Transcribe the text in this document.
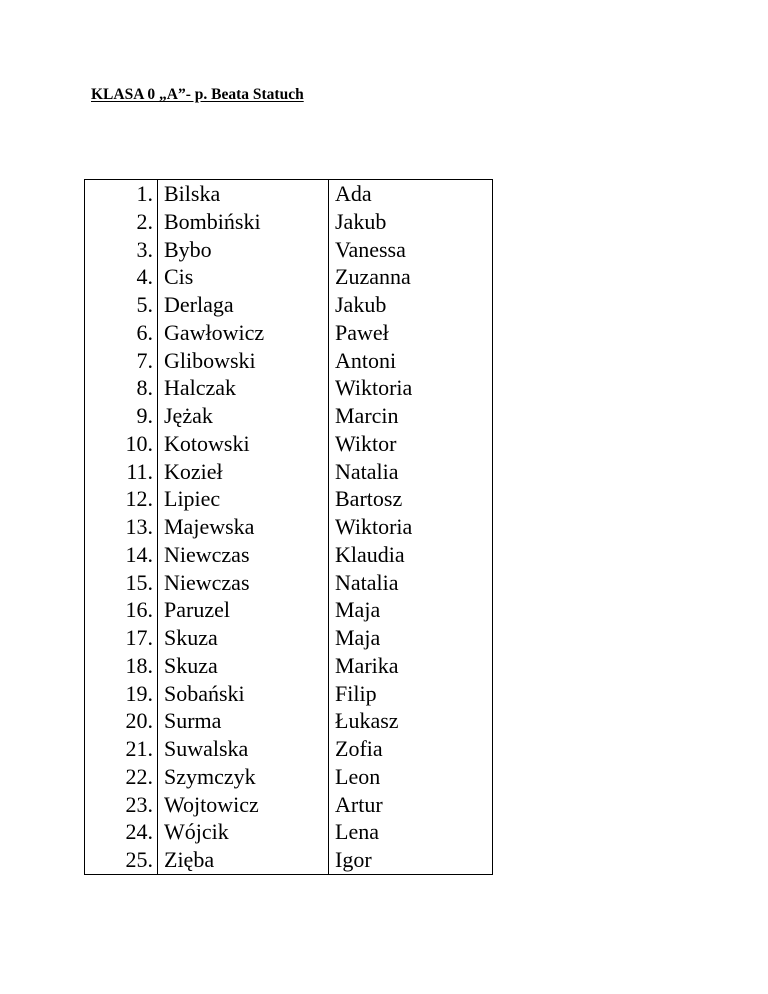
KLASA 0 „A”- p. Beata Statuch
1.	Bilska	Ada
2.	Bombiński	Jakub
3.	Bybo	Vanessa
4.	Cis	Zuzanna
5.	Derlaga	Jakub
6.	Gawłowicz	Paweł
7.	Glibowski	Antoni
8.	Halczak	Wiktoria
9.	Jężak	Marcin
10.	Kotowski	Wiktor
11.	Kozieł	Natalia
12.	Lipiec	Bartosz
13.	Majewska	Wiktoria
14.	Niewczas	Klaudia
15.	Niewczas	Natalia
16.	Paruzel	Maja
17.	Skuza	Maja
18.	Skuza	Marika
19.	Sobański	Filip
20.	Surma	Łukasz
21.	Suwalska	Zofia
22.	Szymczyk	Leon
23.	Wojtowicz	Artur
24.	Wójcik	Lena
25.	Zięba	Igor
